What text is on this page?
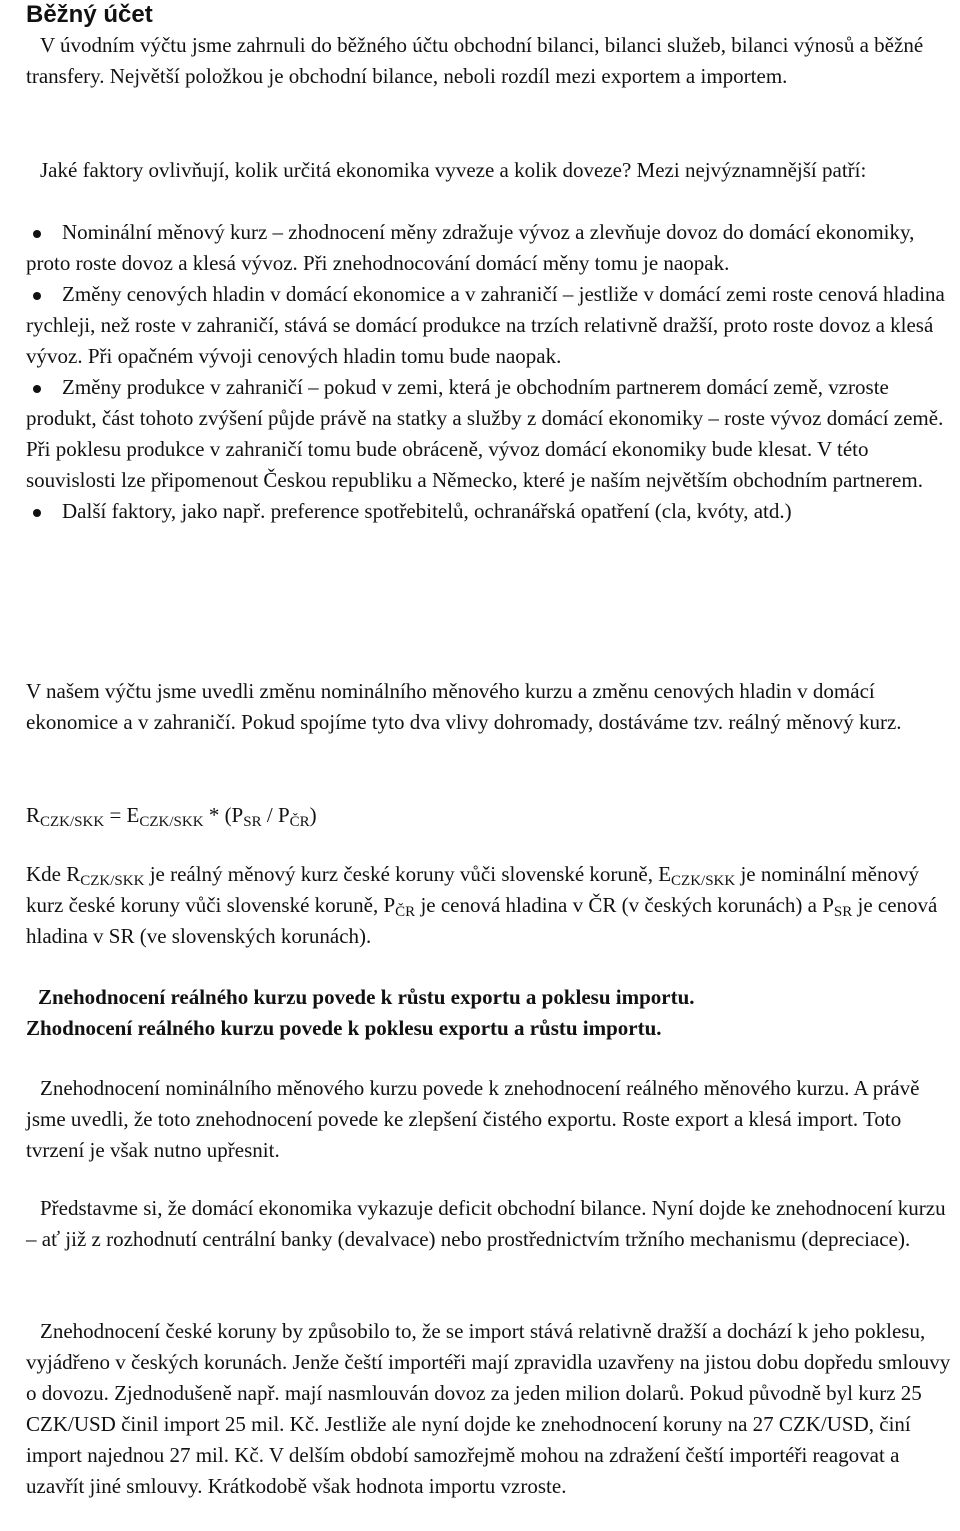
Běžný účet

V úvodním výčtu jsme zahrnuli do běžného účtu obchodní bilanci, bilanci služeb, bilanci výnosů a běžné transfery. Největší položkou je obchodní bilance, neboli rozdíl mezi exportem a importem.

Jaké faktory ovlivňují, kolik určitá ekonomika vyveze a kolik doveze? Mezi nejvýznamnější patří:

Nominální měnový kurz – zhodnocení měny zdražuje vývoz a zlevňuje dovoz do domácí ekonomiky, proto roste dovoz a klesá vývoz. Při znehodnocování domácí měny tomu je naopak.
Změny cenových hladin v domácí ekonomice a v zahraničí – jestliže v domácí zemi roste cenová hladina rychleji, než roste v zahraničí, stává se domácí produkce na trzích relativně dražší, proto roste dovoz a klesá vývoz. Při opačném vývoji cenových hladin tomu bude naopak.
Změny produkce v zahraničí – pokud v zemi, která je obchodním partnerem domácí země, vzroste produkt, část tohoto zvýšení půjde právě na statky a služby z domácí ekonomiky – roste vývoz domácí země. Při poklesu produkce v zahraničí tomu bude obráceně, vývoz domácí ekonomiky bude klesat. V této souvislosti lze připomenout Českou republiku a Německo, které je naším největším obchodním partnerem.
Další faktory, jako např. preference spotřebitelů, ochranářská opatření (cla, kvóty, atd.)

V našem výčtu jsme uvedli změnu nominálního měnového kurzu a změnu cenových hladin v domácí ekonomice a v zahraničí. Pokud spojíme tyto dva vlivy dohromady, dostáváme tzv. reálný měnový kurz.

$R_{CZK/SKK} = E_{CZK/SKK} * (P_{SR} / P_{ČR})$

Kde $R_{CZK/SKK}$ je reálný měnový kurz české koruny vůči slovenské koruně, $E_{CZK/SKK}$ je nominální měnový kurz české koruny vůči slovenské koruně, $P_{ČR}$ je cenová hladina v ČR (v českých korunách) a $P_{SR}$ je cenová hladina v SR (ve slovenských korunách).

Znehodnocení reálného kurzu povede k růstu exportu a poklesu importu.

Zhodnocení reálného kurzu povede k poklesu exportu a růstu importu.

Znehodnocení nominálního měnového kurzu povede k znehodnocení reálného měnového kurzu. A právě jsme uvedli, že toto znehodnocení povede ke zlepšení čistého exportu. Roste export a klesá import. Toto tvrzení je však nutno upřesnit.

Představme si, že domácí ekonomika vykazuje deficit obchodní bilance. Nyní dojde ke znehodnocení kurzu – ať již z rozhodnutí centrální banky (devalvace) nebo prostřednictvím tržního mechanismu (depreciace).

Znehodnocení české koruny by způsobilo to, že se import stává relativně dražší a dochází k jeho poklesu, vyjádřeno v českých korunách. Jenže čeští importéři mají zpravidla uzavřeny na jistou dobu dopředu smlouvy o dovozu. Zjednodušeně např. mají nasmlouván dovoz za jeden milion dolarů. Pokud původně byl kurz 25 CZK/USD činil import 25 mil. Kč. Jestliže ale nyní dojde ke znehodnocení koruny na 27 CZK/USD, činí import najednou 27 mil. Kč. V delším období samozřejmě mohou na zdražení čeští importéři reagovat a uzavřít jiné smlouvy. Krátkodobě však hodnota importu vzroste.
